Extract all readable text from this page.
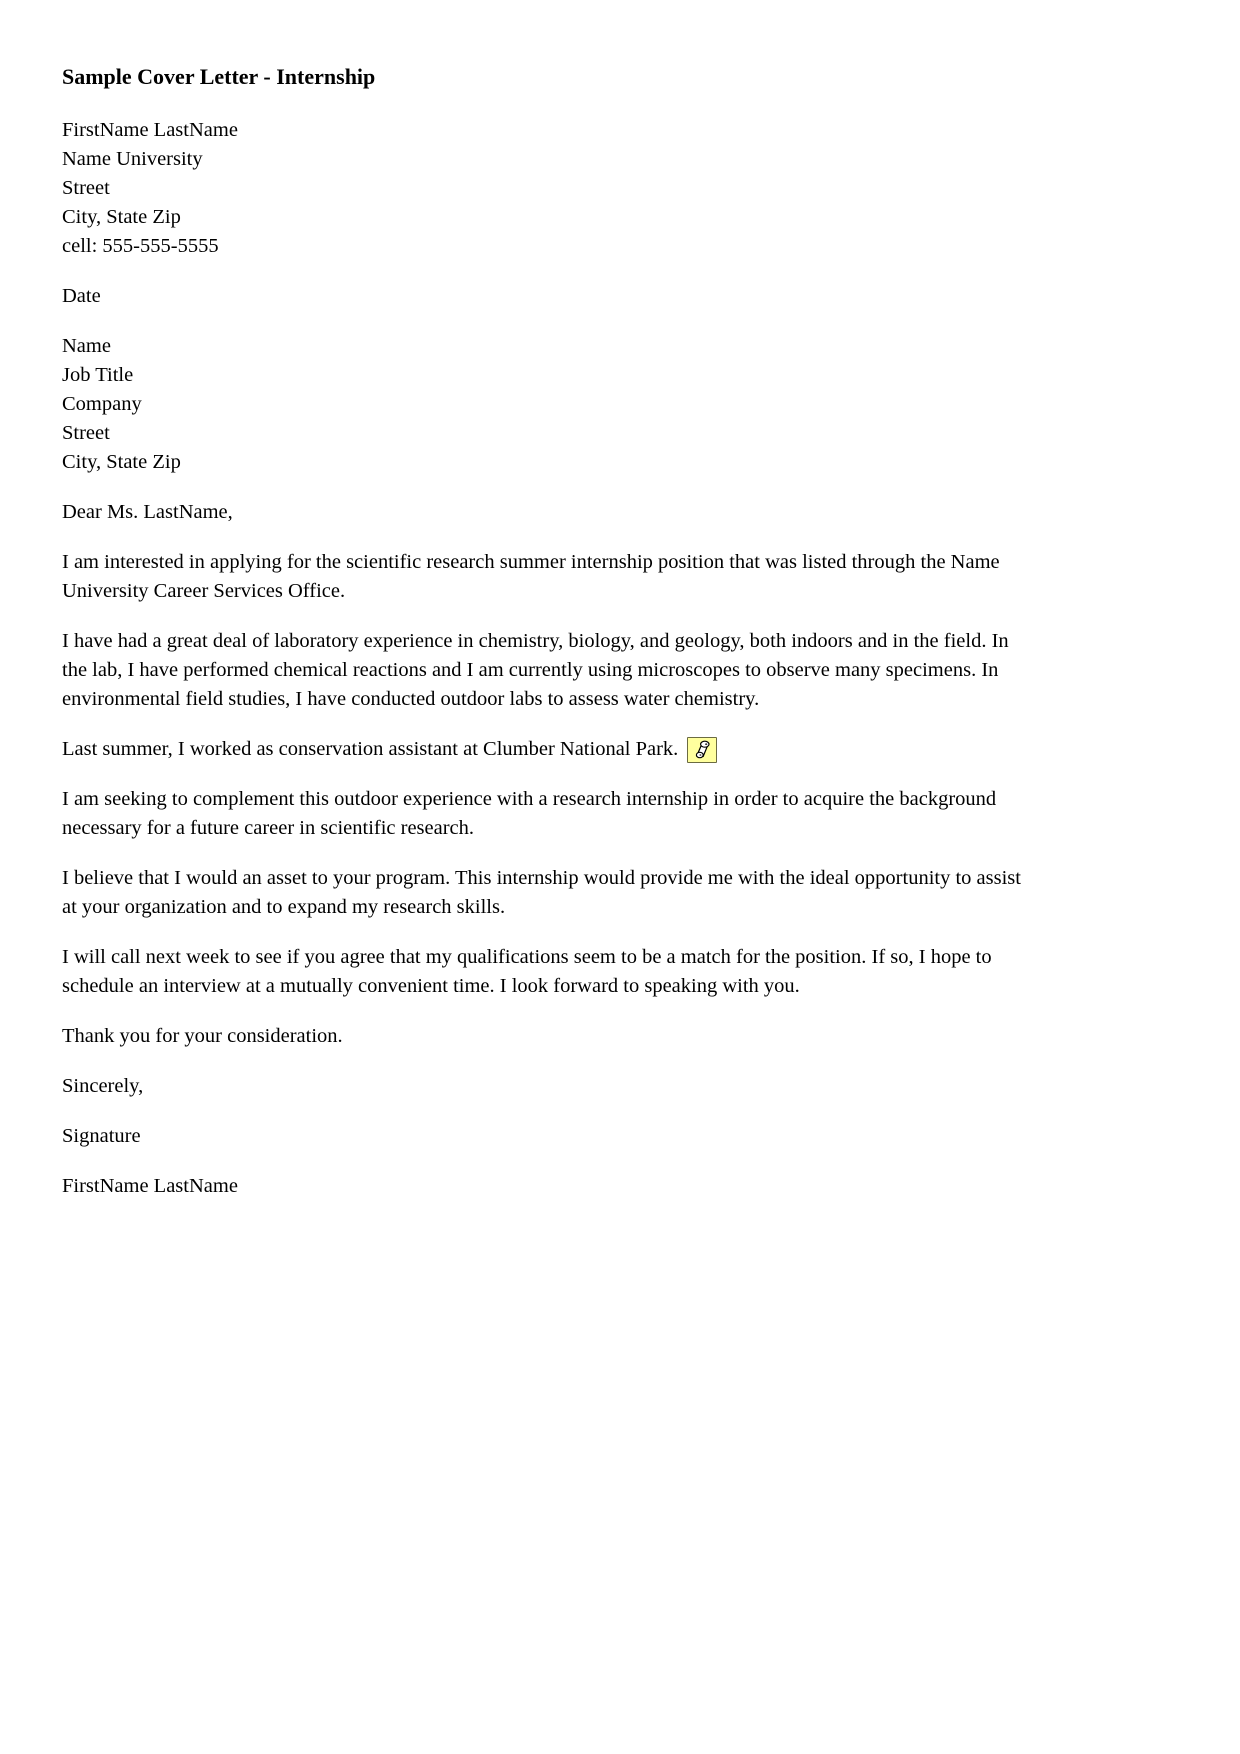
Sample Cover Letter - Internship
FirstName LastName
Name University
Street
City, State Zip
cell: 555-555-5555

Date

Name
Job Title
Company
Street
City, State Zip

Dear Ms. LastName,

I am interested in applying for the scientific research summer internship position that was listed through the Name University Career Services Office.

I have had a great deal of laboratory experience in chemistry, biology, and geology, both indoors and in the field. In the lab, I have performed chemical reactions and I am currently using microscopes to observe many specimens. In environmental field studies, I have conducted outdoor labs to assess water chemistry.

Last summer, I worked as conservation assistant at Clumber National Park.

I am seeking to complement this outdoor experience with a research internship in order to acquire the background necessary for a future career in scientific research.

I believe that I would an asset to your program. This internship would provide me with the ideal opportunity to assist at your organization and to expand my research skills.

I will call next week to see if you agree that my qualifications seem to be a match for the position. If so, I hope to schedule an interview at a mutually convenient time. I look forward to speaking with you.

Thank you for your consideration.

Sincerely,

Signature

FirstName LastName
